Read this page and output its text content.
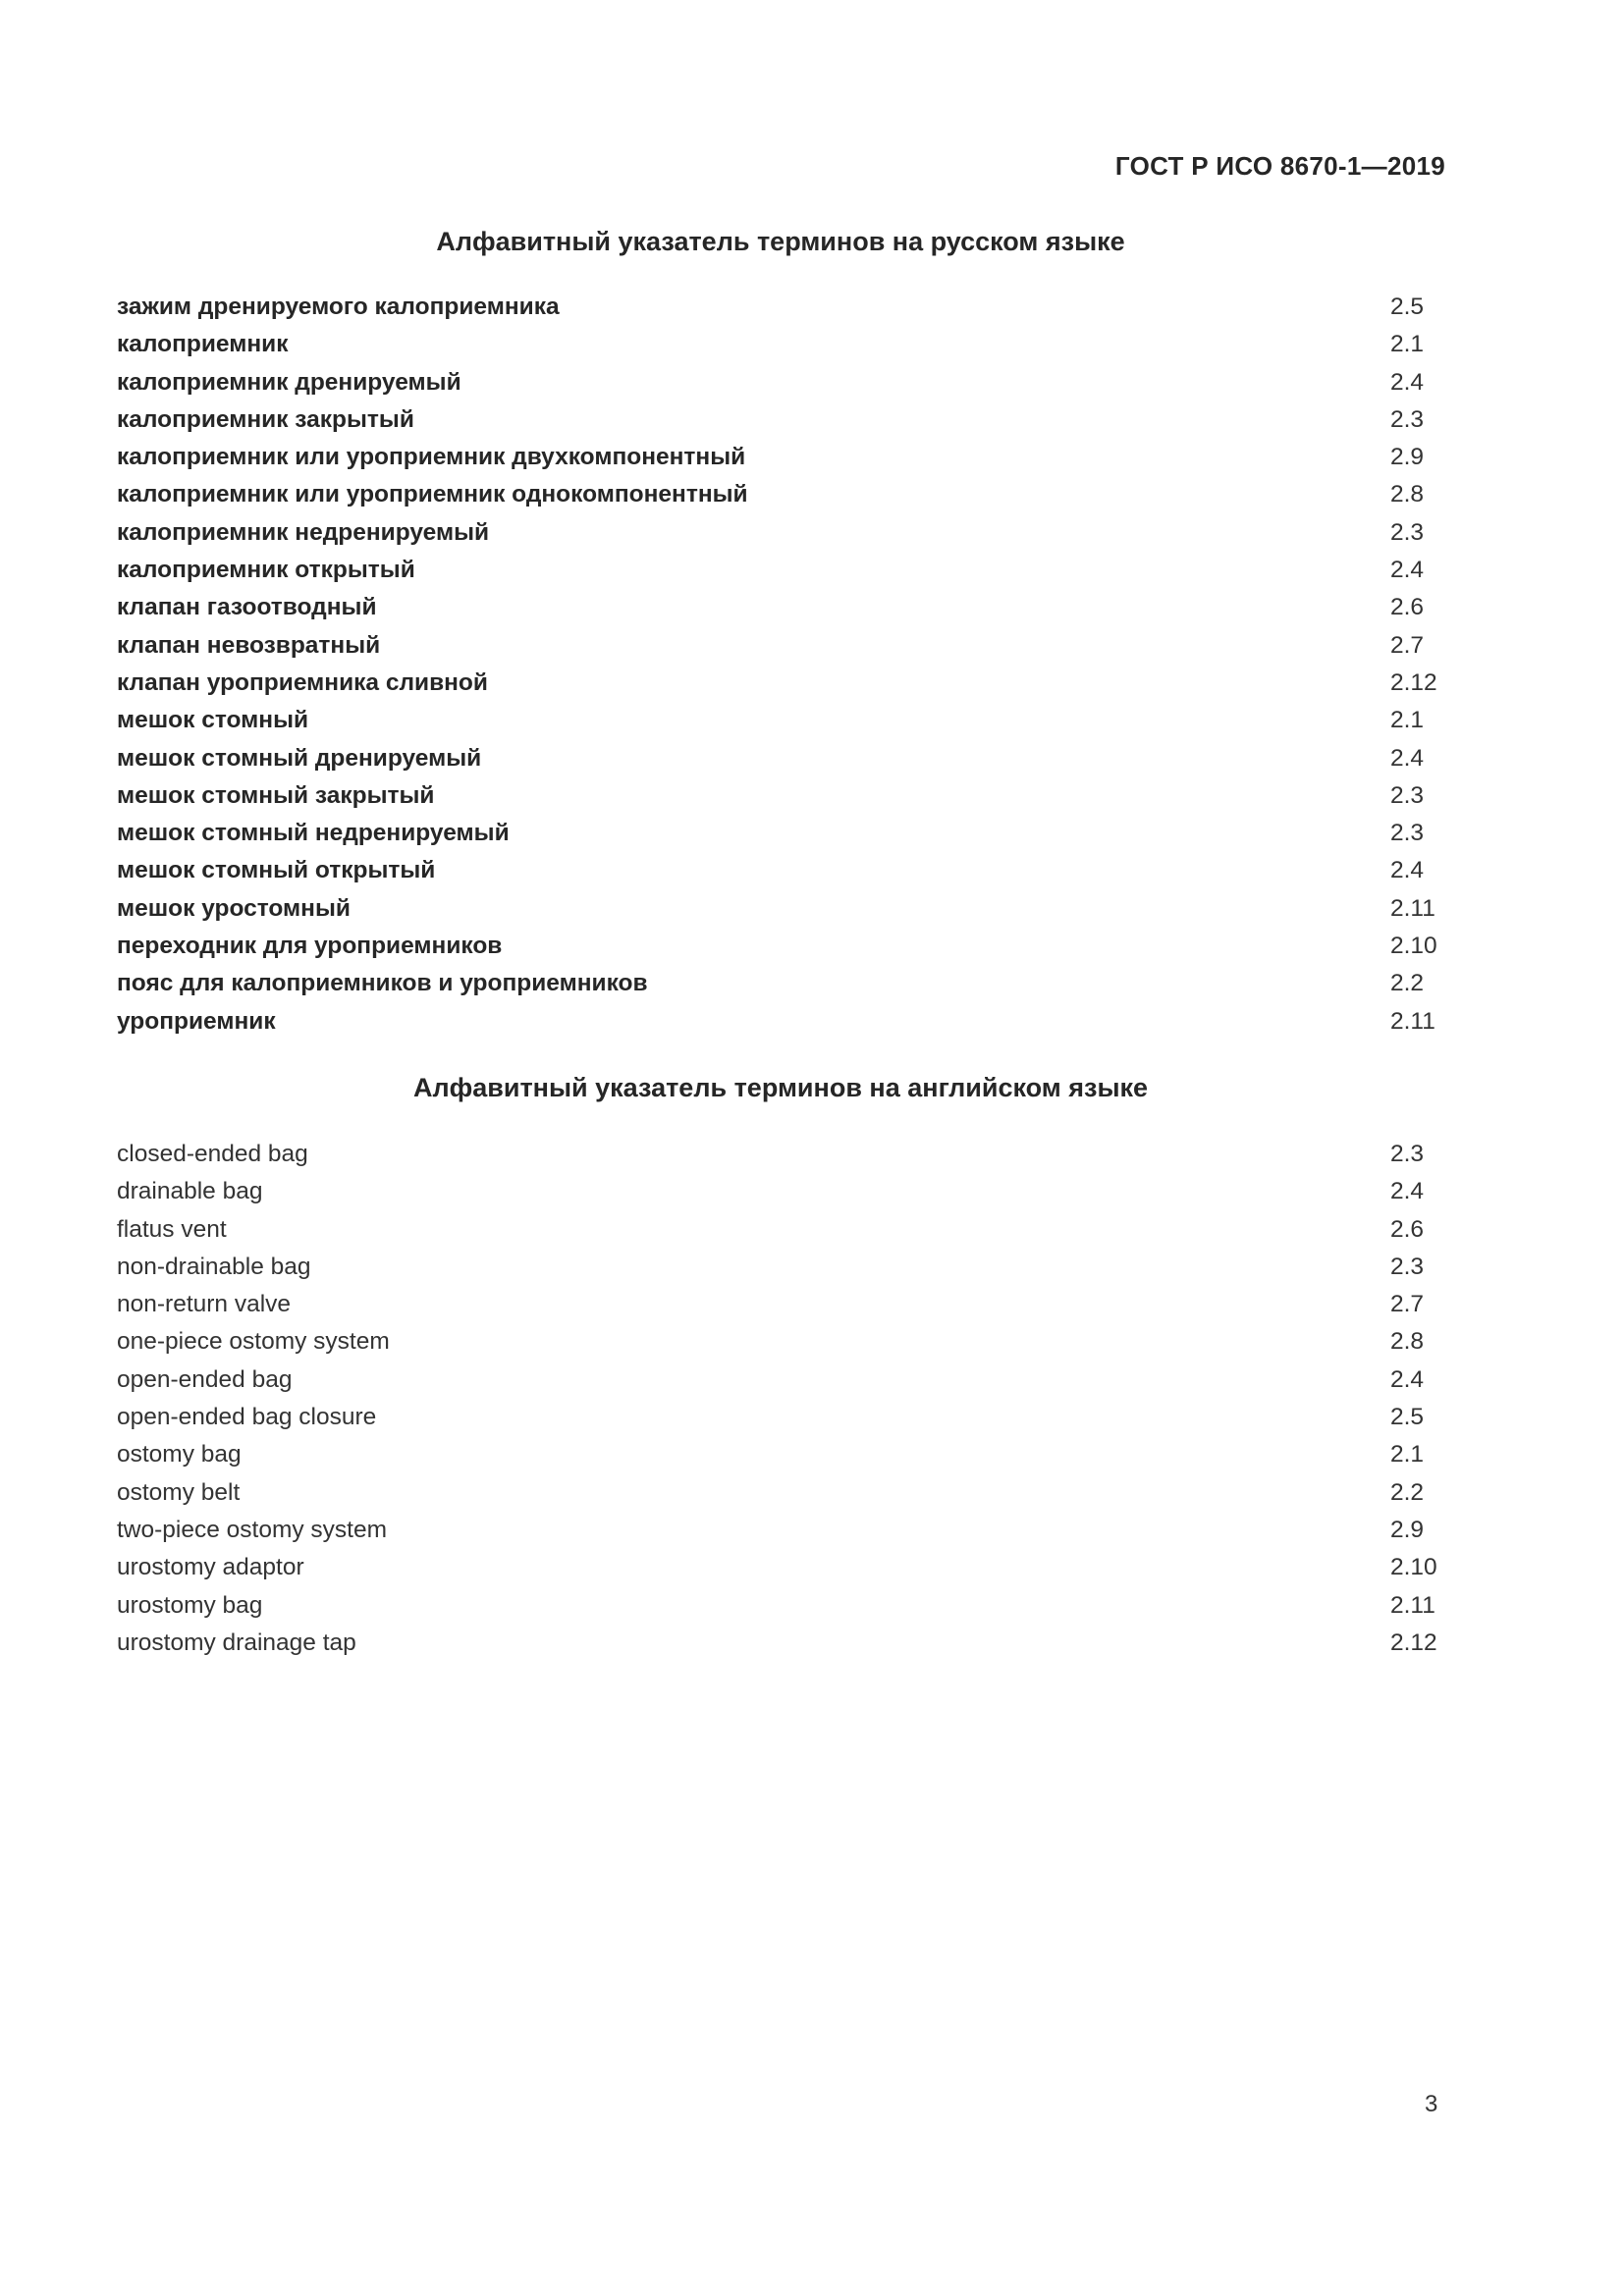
ГОСТ Р ИСО 8670-1—2019
Алфавитный указатель терминов на русском языке
зажим дренируемого калоприемника	2.5
калоприемник	2.1
калоприемник дренируемый	2.4
калоприемник закрытый	2.3
калоприемник или уроприемник двухкомпонентный	2.9
калоприемник или уроприемник однокомпонентный	2.8
калоприемник недренируемый	2.3
калоприемник открытый	2.4
клапан газоотводный	2.6
клапан невозвратный	2.7
клапан уроприемника сливной	2.12
мешок стомный	2.1
мешок стомный дренируемый	2.4
мешок стомный закрытый	2.3
мешок стомный недренируемый	2.3
мешок стомный открытый	2.4
мешок уростомный	2.11
переходник для уроприемников	2.10
пояс для калоприемников и уроприемников	2.2
уроприемник	2.11
Алфавитный указатель терминов на английском языке
closed-ended bag	2.3
drainable bag	2.4
flatus vent	2.6
non-drainable bag	2.3
non-return valve	2.7
one-piece ostomy system	2.8
open-ended bag	2.4
open-ended bag closure	2.5
ostomy bag	2.1
ostomy belt	2.2
two-piece ostomy system	2.9
urostomy adaptor	2.10
urostomy bag	2.11
urostomy drainage tap	2.12
3
